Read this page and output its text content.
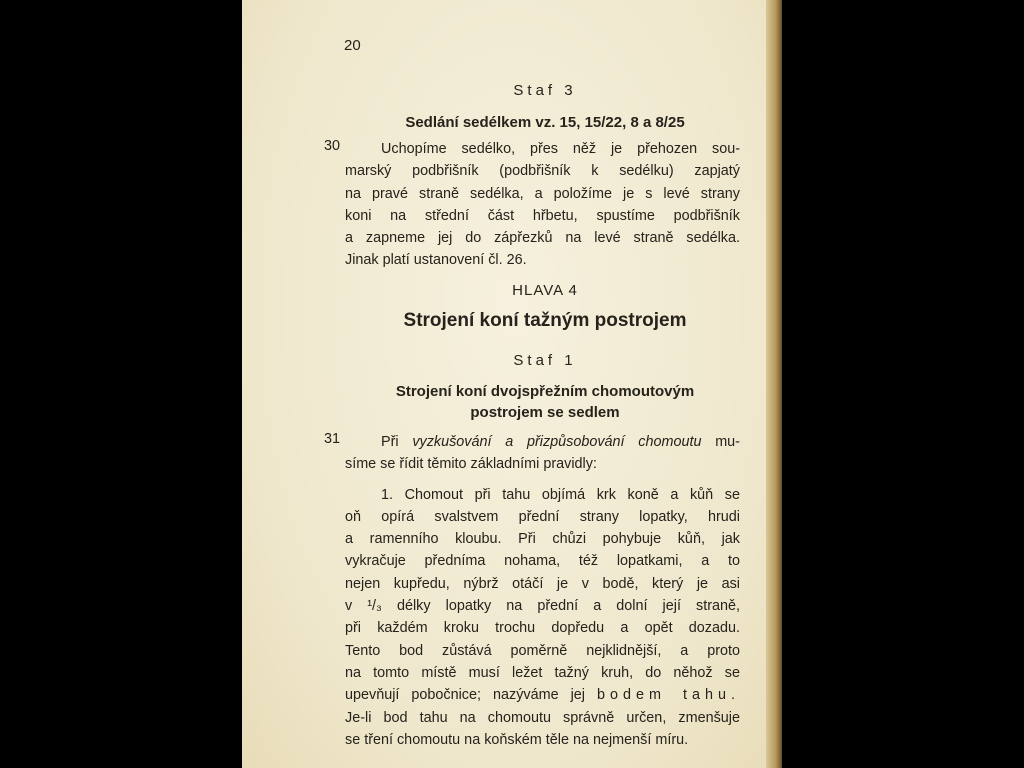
20
Staf 3
Sedlání sedélkem vz. 15, 15/22, 8 a 8/25
30	Uchopíme sedélko, přes něž je přehozen sou-
marský podbřišník (podbřišník k sedélku) zapjatý
na pravé straně sedélka, a položíme je s levé strany
koni na střední část hřbetu, spustíme podbřišník
a zapneme jej do zápřezků na levé straně sedélka.
Jinak platí ustanovení čl. 26.
HLAVA 4
Strojení koní tažným postrojem
Staf 1
Strojení koní dvojspřežním chomoutovým
postrojem se sedlem
31	Při vyzkušování a přizpůsobování chomoutu mu-
síme se řídit těmito základními pravidly:
1. Chomout při tahu objímá krk koně a kůň se
oň opírá svalstvem přední strany lopatky, hrudi
a ramenního kloubu. Při chůzi pohybuje kůň, jak
vykračuje předníma nohama, též lopatkami, a to
nejen kupředu, nýbrž otáčí je v bodě, který je asi
v ¹/₃ délky lopatky na přední a dolní její straně,
při každém kroku trochu dopředu a opět dozadu.
Tento bod zůstává poměrně nejklidnější, a proto
na tomto místě musí ležet tažný kruh, do něhož se
upevňují pobočnice; nazýváme jej bodem tahu.
Je-li bod tahu na chomoutu správně určen, zmenšuje
se tření chomoutu na koňském těle na nejmenší míru.
